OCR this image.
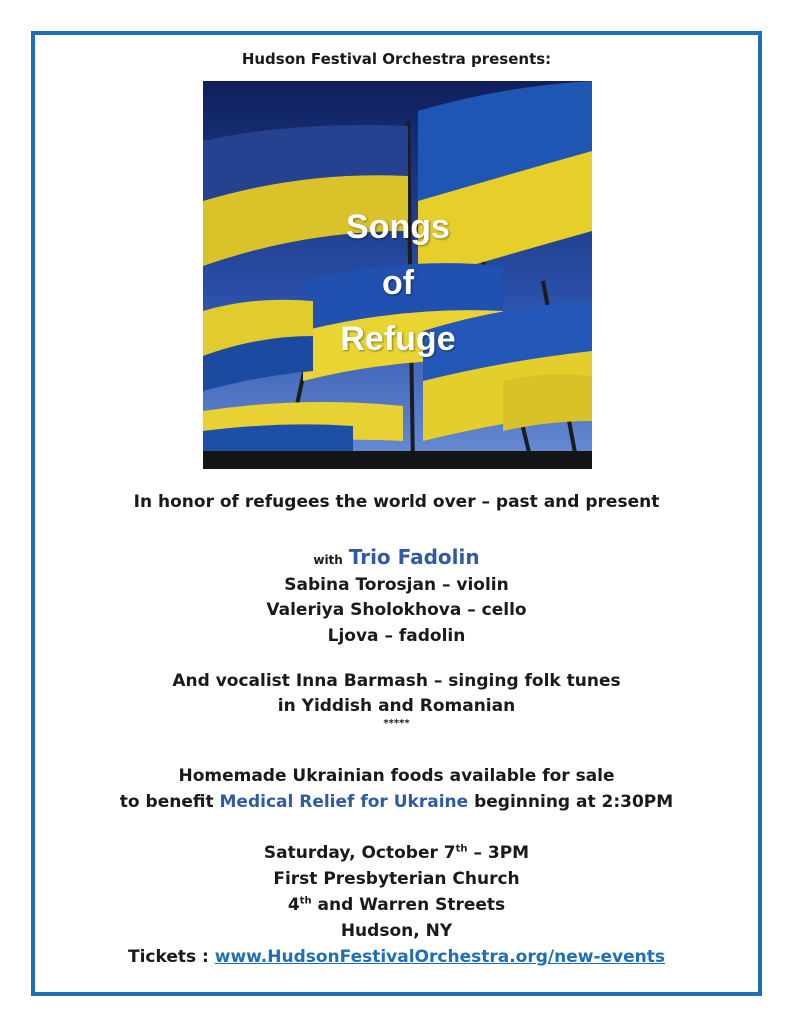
Hudson Festival Orchestra presents:
Songs
of
Refuge
In honor of refugees the world over – past and present
with Trio Fadolin
Sabina Torosjan – violin
Valeriya Sholokhova – cello
Ljova – fadolin
And vocalist Inna Barmash – singing folk tunes
in Yiddish and Romanian
*****
Homemade Ukrainian foods available for sale
to benefit Medical Relief for Ukraine beginning at 2:30PM
Saturday, October 7th – 3PM
First Presbyterian Church
4th and Warren Streets
Hudson, NY
Tickets : www.HudsonFestivalOrchestra.org/new-events
